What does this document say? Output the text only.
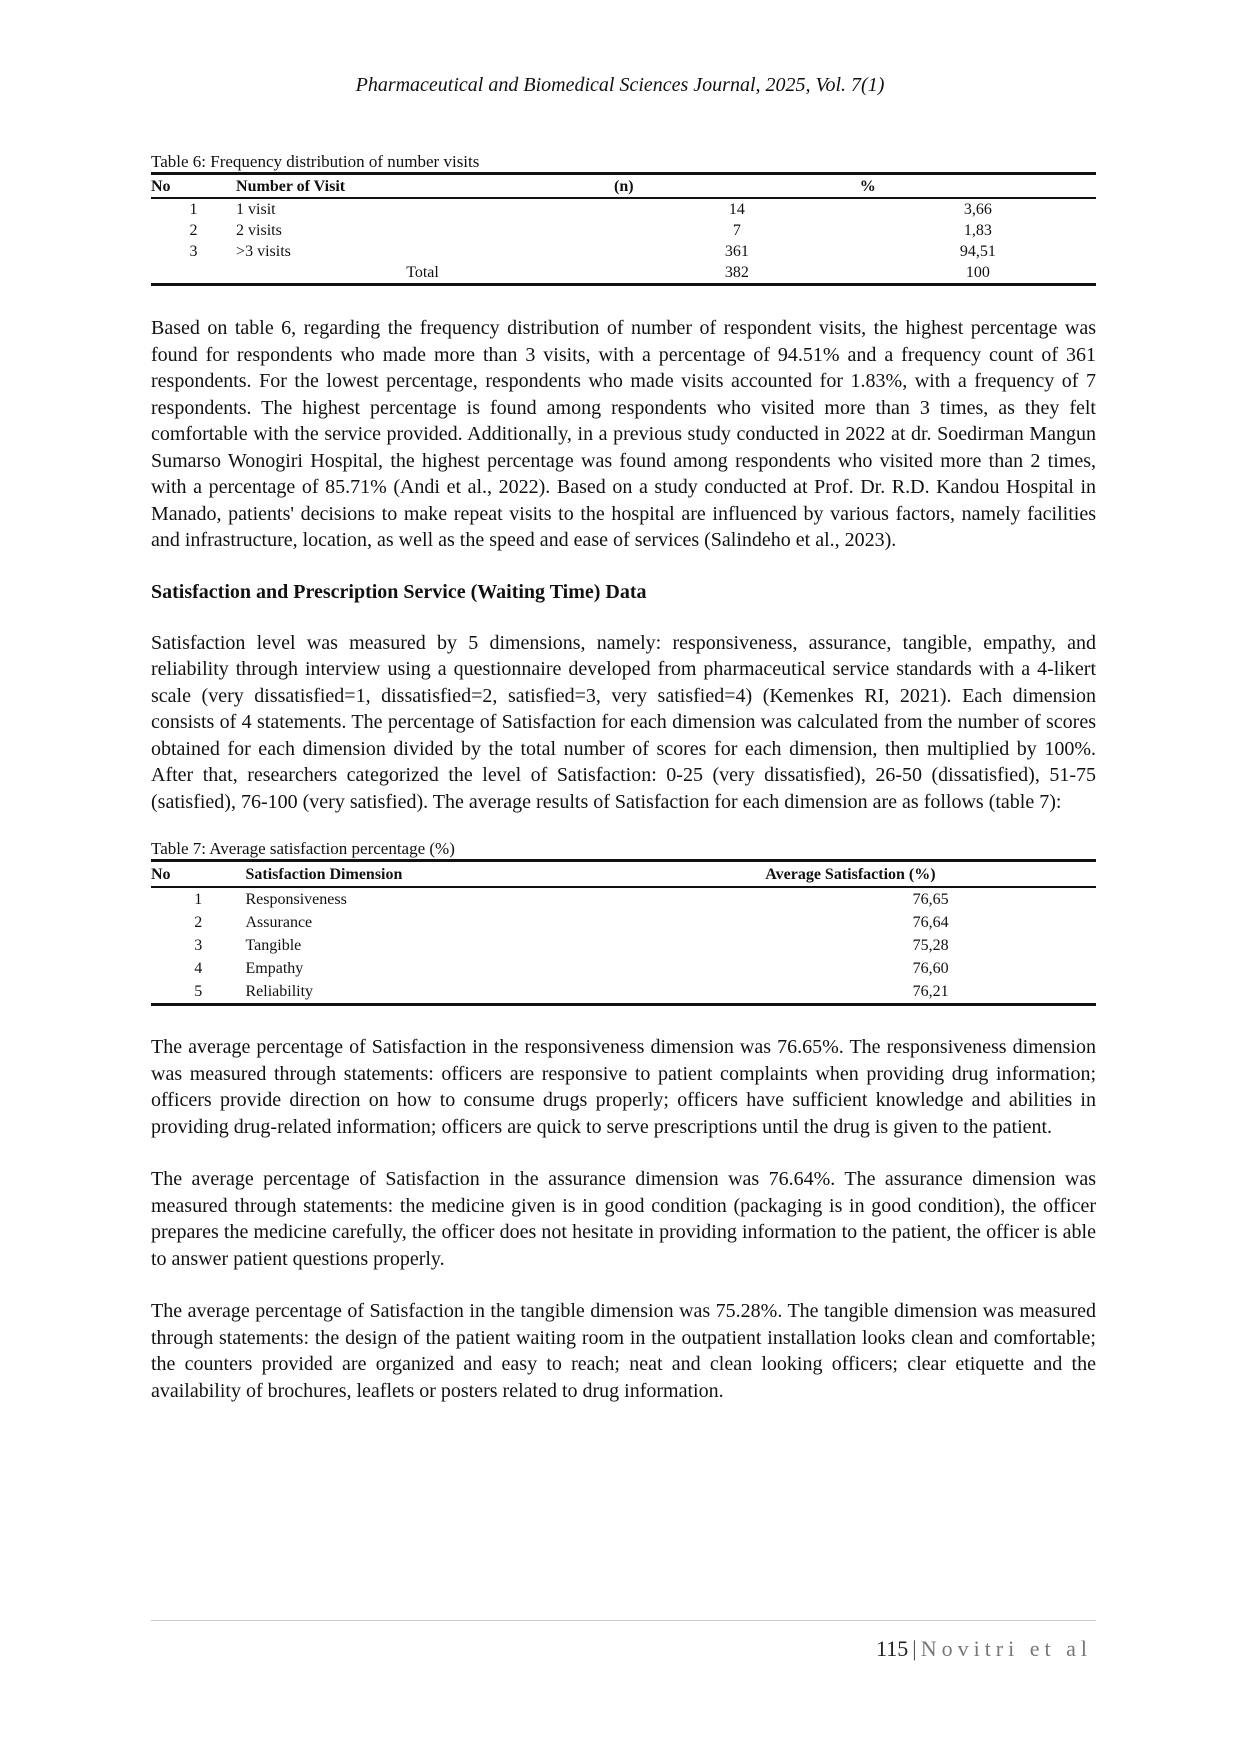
Pharmaceutical and Biomedical Sciences Journal, 2025, Vol. 7(1)

Table 6: Frequency distribution of number visits

No	Number of Visit	(n)	%
1	1 visit	14	3,66
2	2 visits	7	1,83
3	>3 visits	361	94,51
Total		382	100

Based on table 6, regarding the frequency distribution of number of respondent visits, the highest percentage was found for respondents who made more than 3 visits, with a percentage of 94.51% and a frequency count of 361 respondents. For the lowest percentage, respondents who made visits accounted for 1.83%, with a frequency of 7 respondents. The highest percentage is found among respondents who visited more than 3 times, as they felt comfortable with the service provided. Additionally, in a previous study conducted in 2022 at dr. Soedirman Mangun Sumarso Wonogiri Hospital, the highest percentage was found among respondents who visited more than 2 times, with a percentage of 85.71% (Andi et al., 2022). Based on a study conducted at Prof. Dr. R.D. Kandou Hospital in Manado, patients' decisions to make repeat visits to the hospital are influenced by various factors, namely facilities and infrastructure, location, as well as the speed and ease of services (Salindeho et al., 2023).

Satisfaction and Prescription Service (Waiting Time) Data

Satisfaction level was measured by 5 dimensions, namely: responsiveness, assurance, tangible, empathy, and reliability through interview using a questionnaire developed from pharmaceutical service standards with a 4-likert scale (very dissatisfied=1, dissatisfied=2, satisfied=3, very satisfied=4) (Kemenkes RI, 2021). Each dimension consists of 4 statements. The percentage of Satisfaction for each dimension was calculated from the number of scores obtained for each dimension divided by the total number of scores for each dimension, then multiplied by 100%. After that, researchers categorized the level of Satisfaction: 0-25 (very dissatisfied), 26-50 (dissatisfied), 51-75 (satisfied), 76-100 (very satisfied). The average results of Satisfaction for each dimension are as follows (table 7):

Table 7: Average satisfaction percentage (%)

No	Satisfaction Dimension	Average Satisfaction (%)
1	Responsiveness	76,65
2	Assurance	76,64
3	Tangible	75,28
4	Empathy	76,60
5	Reliability	76,21

The average percentage of Satisfaction in the responsiveness dimension was 76.65%. The responsiveness dimension was measured through statements: officers are responsive to patient complaints when providing drug information; officers provide direction on how to consume drugs properly; officers have sufficient knowledge and abilities in providing drug-related information; officers are quick to serve prescriptions until the drug is given to the patient.

The average percentage of Satisfaction in the assurance dimension was 76.64%. The assurance dimension was measured through statements: the medicine given is in good condition (packaging is in good condition), the officer prepares the medicine carefully, the officer does not hesitate in providing information to the patient, the officer is able to answer patient questions properly.

The average percentage of Satisfaction in the tangible dimension was 75.28%. The tangible dimension was measured through statements: the design of the patient waiting room in the outpatient installation looks clean and comfortable; the counters provided are organized and easy to reach; neat and clean looking officers; clear etiquette and the availability of brochures, leaflets or posters related to drug information.

115 | Novitri et al
